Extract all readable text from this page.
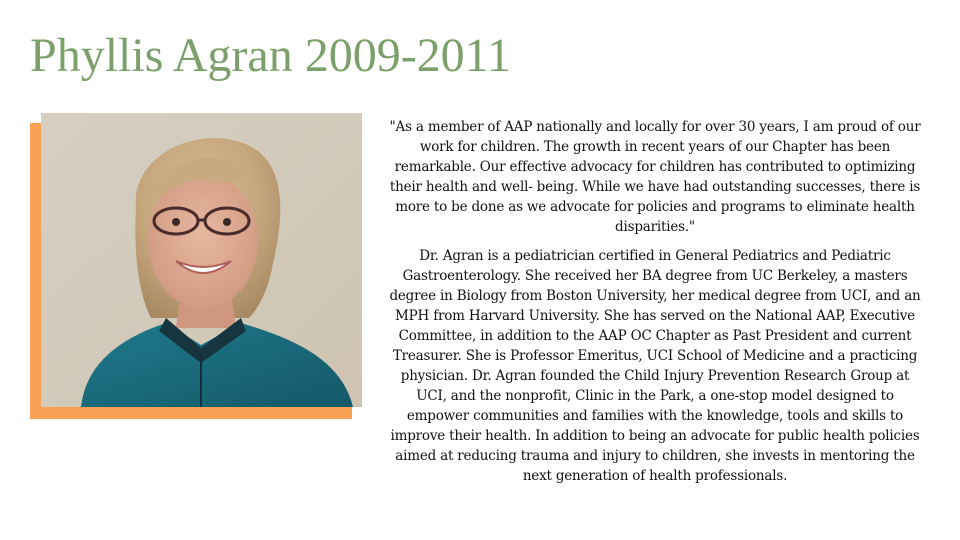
Phyllis Agran 2009-2011

"As a member of AAP nationally and locally for over 30 years, I am proud of our work for children. The growth in recent years of our Chapter has been remarkable. Our effective advocacy for children has contributed to optimizing their health and well- being. While we have had outstanding successes, there is more to be done as we advocate for policies and programs to eliminate health disparities."

Dr. Agran is a pediatrician certified in General Pediatrics and Pediatric Gastroenterology. She received her BA degree from UC Berkeley, a masters degree in Biology from Boston University, her medical degree from UCI, and an MPH from Harvard University. She has served on the National AAP, Executive Committee, in addition to the AAP OC Chapter as Past President and current Treasurer. She is Professor Emeritus, UCI School of Medicine and a practicing physician. Dr. Agran founded the Child Injury Prevention Research Group at UCI, and the nonprofit, Clinic in the Park, a one-stop model designed to empower communities and families with the knowledge, tools and skills to improve their health. In addition to being an advocate for public health policies aimed at reducing trauma and injury to children, she invests in mentoring the next generation of health professionals.
